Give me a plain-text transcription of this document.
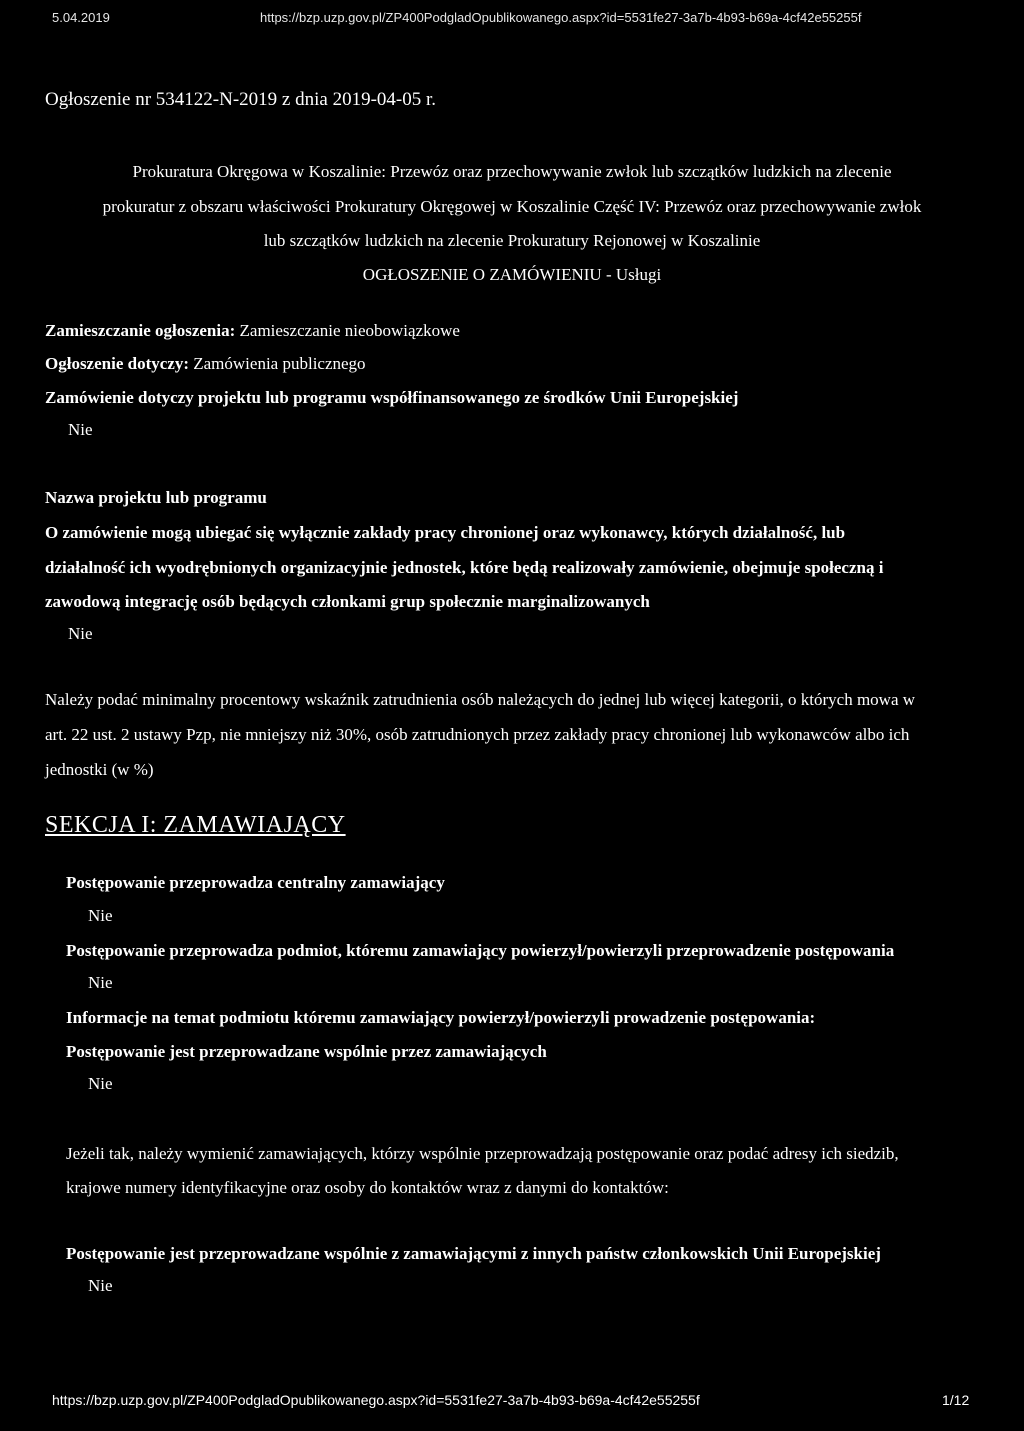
5.04.2019	https://bzp.uzp.gov.pl/ZP400PodgladOpublikowanego.aspx?id=5531fe27-3a7b-4b93-b69a-4cf42e55255f
Ogłoszenie nr 534122-N-2019 z dnia 2019-04-05 r.
Prokuratura Okręgowa w Koszalinie: Przewóz oraz przechowywanie zwłok lub szczątków ludzkich na zlecenie
prokuratur z obszaru właściwości Prokuratury Okręgowej w Koszalinie Część IV: Przewóz oraz przechowywanie zwłok
lub szczątków ludzkich na zlecenie Prokuratury Rejonowej w Koszalinie
OGŁOSZENIE O ZAMÓWIENIU - Usługi
Zamieszczanie ogłoszenia: Zamieszczanie nieobowiązkowe
Ogłoszenie dotyczy: Zamówienia publicznego
Zamówienie dotyczy projektu lub programu współfinansowanego ze środków Unii Europejskiej
Nie
Nazwa projektu lub programu
O zamówienie mogą ubiegać się wyłącznie zakłady pracy chronionej oraz wykonawcy, których działalność, lub
działalność ich wyodrębnionych organizacyjnie jednostek, które będą realizowały zamówienie, obejmuje społeczną i
zawodową integrację osób będących członkami grup społecznie marginalizowanych
Nie
Należy podać minimalny procentowy wskaźnik zatrudnienia osób należących do jednej lub więcej kategorii, o których mowa w
art. 22 ust. 2 ustawy Pzp, nie mniejszy niż 30%, osób zatrudnionych przez zakłady pracy chronionej lub wykonawców albo ich
jednostki (w %)
SEKCJA I: ZAMAWIAJĄCY
Postępowanie przeprowadza centralny zamawiający
Nie
Postępowanie przeprowadza podmiot, któremu zamawiający powierzył/powierzyli przeprowadzenie postępowania
Nie
Informacje na temat podmiotu któremu zamawiający powierzył/powierzyli prowadzenie postępowania:
Postępowanie jest przeprowadzane wspólnie przez zamawiających
Nie
Jeżeli tak, należy wymienić zamawiających, którzy wspólnie przeprowadzają postępowanie oraz podać adresy ich siedzib,
krajowe numery identyfikacyjne oraz osoby do kontaktów wraz z danymi do kontaktów:
Postępowanie jest przeprowadzane wspólnie z zamawiającymi z innych państw członkowskich Unii Europejskiej
Nie
https://bzp.uzp.gov.pl/ZP400PodgladOpublikowanego.aspx?id=5531fe27-3a7b-4b93-b69a-4cf42e55255f	1/12
